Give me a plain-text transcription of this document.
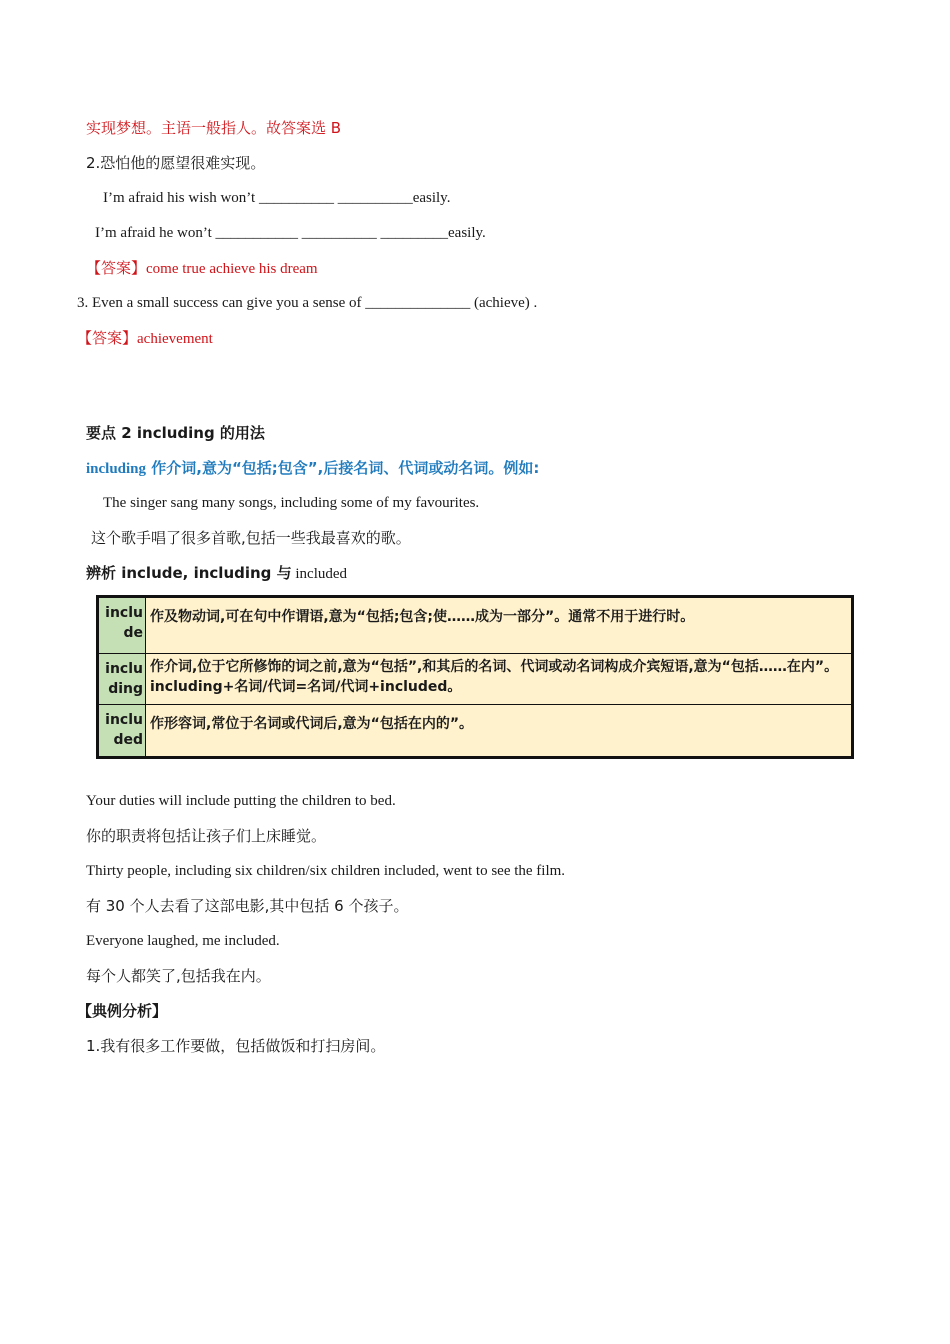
实现梦想。主语一般指人。故答案选 B
2.恐怕他的愿望很难实现。
I’m afraid his wish won’t __________ __________easily.
I’m afraid he won’t ___________ __________ _________easily.
【答案】come true achieve his dream
3. Even a small success can give you a sense of ______________ (achieve) .
【答案】achievement
要点 2 including 的用法
including 作介词,意为“包括;包含”,后接名词、代词或动名词。例如:
The singer sang many songs, including some of my favourites.
这个歌手唱了很多首歌,包括一些我最喜欢的歌。
辨析 include, including 与 included
include	作及物动词,可在句中作谓语,意为“包括;包含;使……成为一部分”。通常不用于进行时。
including	作介词,位于它所修饰的词之前,意为“包括”,和其后的名词、代词或动名词构成介宾短语,意为“包括……在内”。including+名词/代词=名词/代词+included。
included	作形容词,常位于名词或代词后,意为“包括在内的”。
Your duties will include putting the children to bed.
你的职责将包括让孩子们上床睡觉。
Thirty people, including six children/six children included, went to see the film.
有 30 个人去看了这部电影,其中包括 6 个孩子。
Everyone laughed, me included.
每个人都笑了,包括我在内。
【典例分析】
1.我有很多工作要做，包括做饭和打扫房间。
